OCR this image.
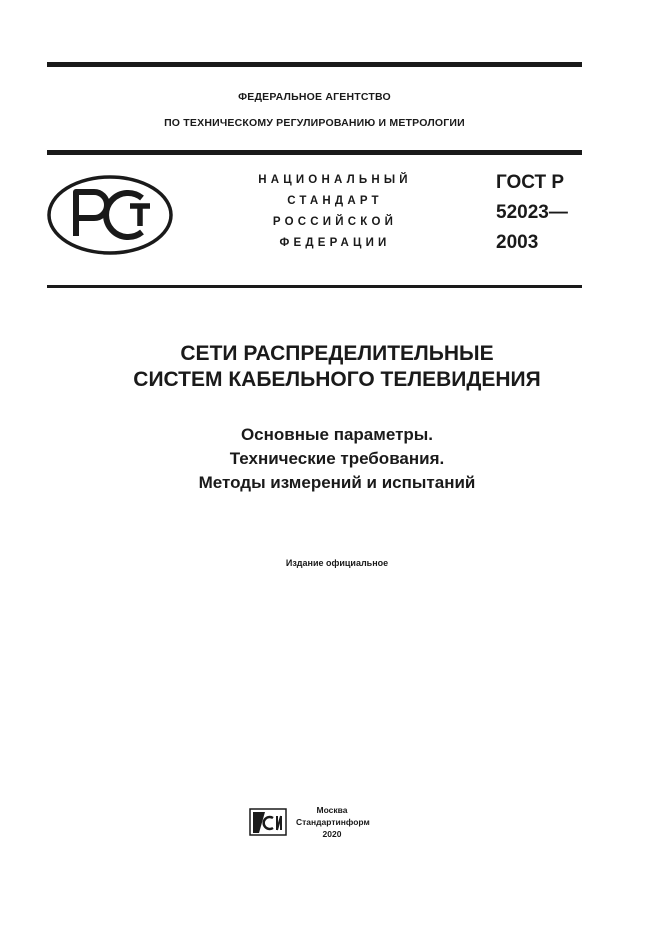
ФЕДЕРАЛЬНОЕ АГЕНТСТВО
ПО ТЕХНИЧЕСКОМУ РЕГУЛИРОВАНИЮ И МЕТРОЛОГИИ
НАЦИОНАЛЬНЫЙ
СТАНДАРТ
РОССИЙСКОЙ
ФЕДЕРАЦИИ
ГОСТ Р
52023—
2003
СЕТИ РАСПРЕДЕЛИТЕЛЬНЫЕ
СИСТЕМ КАБЕЛЬНОГО ТЕЛЕВИДЕНИЯ
Основные параметры.
Технические требования.
Методы измерений и испытаний
Издание официальное
Москва
Стандартинформ
2020
